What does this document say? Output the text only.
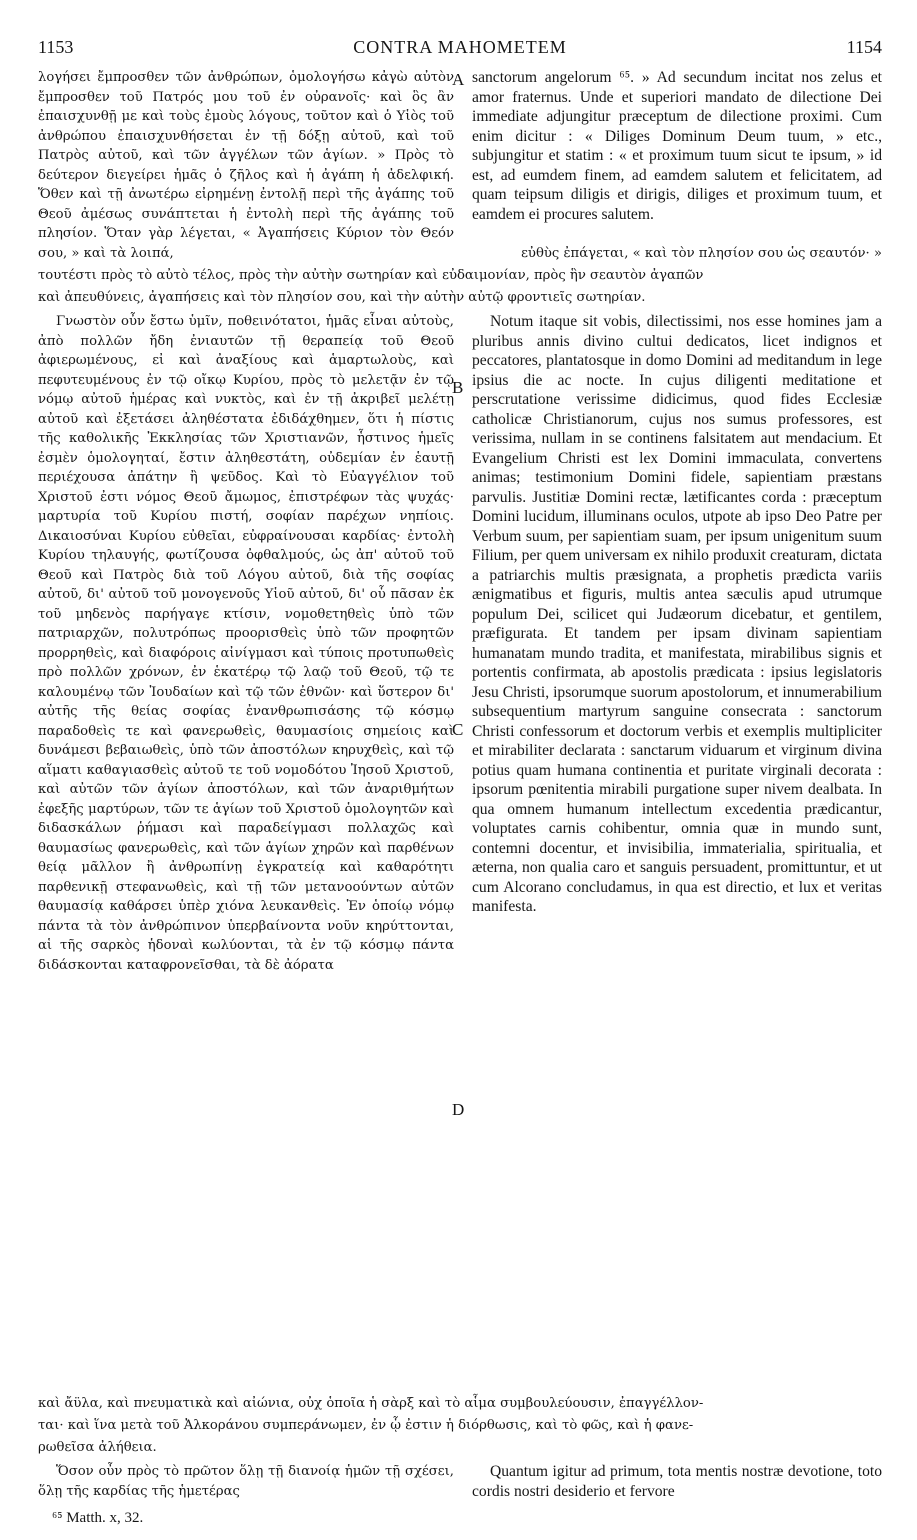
1153	CONTRA MAHOMETEM	1154

λογήσει ἔμπροσθεν τῶν ἀνθρώπων, ὁμολογήσω κἀγὼ αὐτὸν ἔμπροσθεν τοῦ Πατρός μου τοῦ ἐν οὐρανοῖς· καὶ ὃς ἂν ἐπαισχυνθῇ με καὶ τοὺς ἐμοὺς λόγους, τοῦτον καὶ ὁ Υἱὸς τοῦ ἀνθρώπου ἐπαισχυνθήσεται ἐν τῇ δόξῃ αὐτοῦ, καὶ τοῦ Πατρὸς αὐτοῦ, καὶ τῶν ἀγγέλων τῶν ἁγίων. » Πρὸς τὸ δεύτερον διεγείρει ἡμᾶς ὁ ζῆλος καὶ ἡ ἀγάπη ἡ ἀδελφική. Ὅθεν καὶ τῇ ἀνωτέρω εἰρημένῃ ἐντολῇ περὶ τῆς ἀγάπης τοῦ Θεοῦ ἀμέσως συνάπτεται ἡ ἐντολὴ περὶ τῆς ἀγάπης τοῦ πλησίον. Ὅταν γὰρ λέγεται, « Ἀγαπήσεις Κύριον τὸν Θεόν σου, » καὶ τὰ λοιπά,	εὐθὺς ἐπάγεται, « καὶ τὸν πλησίον σου ὡς σεαυτόν· »

sanctorum angelorum ⁶⁵. » Ad secundum incitat nos zelus et amor fraternus. Unde et superiori mandato de dilectione Dei immediate adjungitur præceptum de dilectione proximi. Cum enim dicitur : « Diliges Dominum Deum tuum, » etc., subjungitur et statim : « et proximum tuum sicut te ipsum, » id est, ad eumdem finem, ad eamdem salutem et felicitatem, ad quam teipsum diligis et dirigis, diliges et proximum tuum, et eamdem ei procures salutem.

τουτέστι πρὸς τὸ αὐτὸ τέλος, πρὸς τὴν αὐτὴν σωτηρίαν καὶ εὐδαιμονίαν, πρὸς ἣν σεαυτὸν ἀγαπῶν
καὶ ἀπευθύνεις, ἀγαπήσεις καὶ τὸν πλησίον σου, καὶ τὴν αὐτὴν αὐτῷ φροντιεῖς σωτηρίαν.

Γνωστὸν οὖν ἔστω ὑμῖν, ποθεινότατοι, ἡμᾶς εἶναι αὐτοὺς, ἀπὸ πολλῶν ἤδη ἐνιαυτῶν τῇ θεραπείᾳ τοῦ Θεοῦ ἀφιερωμένους, εἰ καὶ ἀναξίους καὶ ἁμαρτωλοὺς, καὶ πεφυτευμένους ἐν τῷ οἴκῳ Κυρίου, πρὸς τὸ μελετᾷν ἐν τῷ νόμῳ αὐτοῦ ἡμέρας καὶ νυκτὸς, καὶ ἐν τῇ ἀκριβεῖ μελέτῃ αὐτοῦ καὶ ἐξετάσει ἀληθέστατα ἐδιδάχθημεν, ὅτι ἡ πίστις τῆς καθολικῆς Ἐκκλησίας τῶν Χριστιανῶν, ἧστινος ἡμεῖς ἐσμὲν ὁμολογηταί, ἔστιν ἀληθεστάτη, οὐδεμίαν ἐν ἑαυτῇ περιέχουσα ἀπάτην ἢ ψεῦδος. Καὶ τὸ Εὐαγγέλιον τοῦ Χριστοῦ ἐστι νόμος Θεοῦ ἄμωμος, ἐπιστρέφων τὰς ψυχάς· μαρτυρία τοῦ Κυρίου πιστή, σοφίαν παρέχων νηπίοις. Δικαιοσύναι Κυρίου εὐθεῖαι, εὐφραίνουσαι καρδίας· ἐντολὴ Κυρίου τηλαυγής, φωτίζουσα ὀφθαλμούς, ὡς ἀπ' αὐτοῦ τοῦ Θεοῦ καὶ Πατρὸς διὰ τοῦ Λόγου αὐτοῦ, διὰ τῆς σοφίας αὐτοῦ, δι' αὐτοῦ τοῦ μονογενοῦς Υἱοῦ αὐτοῦ, δι' οὗ πᾶσαν ἐκ τοῦ μηδενὸς παρήγαγε κτίσιν, νομοθετηθεὶς ὑπὸ τῶν πατριαρχῶν, πολυτρόπως προορισθεὶς ὑπὸ τῶν προφητῶν προρρηθεὶς, καὶ διαφόροις αἰνίγμασι καὶ τύποις προτυπωθεὶς πρὸ πολλῶν χρόνων, ἐν ἑκατέρῳ τῷ λαῷ τοῦ Θεοῦ, τῷ τε καλουμένῳ τῶν Ἰουδαίων καὶ τῷ τῶν ἐθνῶν· καὶ ὕστερον δι' αὐτῆς τῆς θείας σοφίας ἐνανθρωπισάσης τῷ κόσμῳ παραδοθεὶς τε καὶ φανερωθεὶς, θαυμασίοις σημείοις καὶ δυνάμεσι βεβαιωθεὶς, ὑπὸ τῶν ἀποστόλων κηρυχθεὶς, καὶ τῷ αἵματι καθαγιασθεὶς αὐτοῦ τε τοῦ νομοδότου Ἰησοῦ Χριστοῦ, καὶ αὐτῶν τῶν ἁγίων ἀποστόλων, καὶ τῶν ἀναριθμήτων ἐφεξῆς μαρτύρων, τῶν τε ἁγίων τοῦ Χριστοῦ ὁμολογητῶν καὶ διδασκάλων ῥήμασι καὶ παραδείγμασι πολλαχῶς καὶ θαυμασίως φανερωθεὶς, καὶ τῶν ἁγίων χηρῶν καὶ παρθένων θείᾳ μᾶλλον ἢ ἀνθρωπίνῃ ἐγκρατείᾳ καὶ καθαρότητι παρθενικῇ στεφανωθεὶς, καὶ τῇ τῶν μετανοούντων αὐτῶν θαυμασίᾳ καθάρσει ὑπὲρ χιόνα λευκανθεὶς. Ἐν ὁποίῳ νόμῳ πάντα τὰ τὸν ἀνθρώπινον ὑπερβαίνοντα νοῦν κηρύττονται, αἱ τῆς σαρκὸς ἡδοναὶ κωλύονται, τὰ ἐν τῷ κόσμῳ πάντα διδάσκονται καταφρονεῖσθαι, τὰ δὲ ἀόρατα

Notum itaque sit vobis, dilectissimi, nos esse homines jam a pluribus annis divino cultui dedicatos, licet indignos et peccatores, plantatosque in domo Domini ad meditandum in lege ipsius die ac nocte. In cujus diligenti meditatione et perscrutatione verissime didicimus, quod fides Ecclesiæ catholicæ Christianorum, cujus nos sumus professores, est verissima, nullam in se continens falsitatem aut mendacium. Et Evangelium Christi est lex Domini immaculata, convertens animas; testimonium Domini fidele, sapientiam præstans parvulis. Justitiæ Domini rectæ, lætificantes corda : præceptum Domini lucidum, illuminans oculos, utpote ab ipso Deo Patre per Verbum suum, per sapientiam suam, per ipsum unigenitum suum Filium, per quem universam ex nihilo produxit creaturam, dictata a patriarchis multis præsignata, a prophetis prædicta variis ænigmatibus et figuris, multis antea sæculis apud utrumque populum Dei, scilicet qui Judæorum dicebatur, et gentilem, præfigurata. Et tandem per ipsam divinam sapientiam humanatam mundo tradita, et manifestata, mirabilibus signis et portentis confirmata, ab apostolis prædicata : ipsius legislatoris Jesu Christi, ipsorumque suorum apostolorum, et innumerabilium subsequentium martyrum sanguine consecrata : sanctorum Christi confessorum et doctorum verbis et exemplis multipliciter et mirabiliter declarata : sanctarum viduarum et virginum divina potius quam humana continentia et puritate virginali decorata : ipsorum pœnitentia mirabili purgatione super nivem dealbata. In qua omnem humanum intellectum excedentia prædicantur, voluptates carnis cohibentur, omnia quæ in mundo sunt, contemni docentur, et invisibilia, immaterialia, spiritualia, et æterna, non qualia caro et sanguis persuadent, promittuntur, et ut cum Alcorano concludamus, in qua est directio, et lux et veritas manifesta.

καὶ ἄϋλα, καὶ πνευματικὰ καὶ αἰώνια, οὐχ ὁποῖα ἡ σὰρξ καὶ τὸ αἷμα συμβουλεύουσιν, ἐπαγγέλλον-
ται· καὶ ἵνα μετὰ τοῦ Ἀλκοράνου συμπεράνωμεν, ἐν ᾧ ἐστιν ἡ διόρθωσις, καὶ τὸ φῶς, καὶ ἡ φανε-

ρωθεῖσα ἀλήθεια.

Ὅσον οὖν πρὸς τὸ πρῶτον ὅλῃ τῇ διανοίᾳ ἡμῶν τῇ σχέσει, ὅλῃ τῆς καρδίας τῆς ἡμετέρας

Quantum igitur ad primum, tota mentis nostræ devotione, toto cordis nostri desiderio et fervore

⁶⁵ Matth. x, 32.
A
B
C
D
